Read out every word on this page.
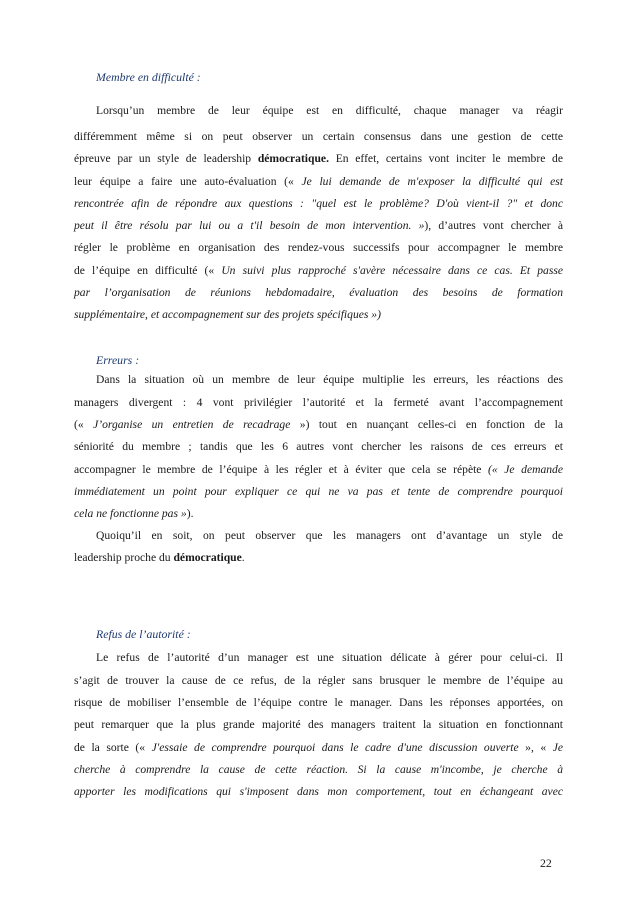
Membre en difficulté :
Lorsqu’un membre de leur équipe est en difficulté, chaque manager va réagir
différemment même si on peut observer un certain consensus dans une gestion de cette
épreuve par un style de leadership démocratique. En effet, certains vont inciter le membre de
leur équipe a faire une auto-évaluation (« Je lui demande de m'exposer la difficulté qui est
rencontrée afin de répondre aux questions : "quel est le problème? D'où vient-il ?" et donc
peut il être résolu par lui ou a t'il besoin de mon intervention. »), d’autres vont chercher à
régler le problème en organisation des rendez-vous successifs pour accompagner le membre
de l’équipe en difficulté (« Un suivi plus rapproché s'avère nécessaire dans ce cas. Et passe
par l’organisation de réunions hebdomadaire, évaluation des besoins de formation
supplémentaire, et accompagnement sur des projets spécifiques »)
Erreurs :
Dans la situation où un membre de leur équipe multiplie les erreurs, les réactions des
managers divergent : 4 vont privilégier l’autorité et la fermeté avant l’accompagnement
(« J’organise un entretien de recadrage ») tout en nuançant celles-ci en fonction de la
séniorité du membre ; tandis que les 6 autres vont chercher les raisons de ces erreurs et
accompagner le membre de l’équipe à les régler et à éviter que cela se répète (« Je demande
immédiatement un point pour expliquer ce qui ne va pas et tente de comprendre pourquoi
cela ne fonctionne pas »).
Quoiqu’il en soit, on peut observer que les managers ont d’avantage un style de
leadership proche du démocratique.
Refus de l’autorité :
Le refus de l’autorité d’un manager est une situation délicate à gérer pour celui-ci. Il
s’agit de trouver la cause de ce refus, de la régler sans brusquer le membre de l’équipe au
risque de mobiliser l’ensemble de l’équipe contre le manager. Dans les réponses apportées, on
peut remarquer que la plus grande majorité des managers traitent la situation en fonctionnant
de la sorte (« J'essaie de comprendre pourquoi dans le cadre d'une discussion ouverte », « Je
cherche à comprendre la cause de cette réaction. Si la cause m'incombe, je cherche à
apporter les modifications qui s'imposent dans mon comportement, tout en échangeant avec
22
